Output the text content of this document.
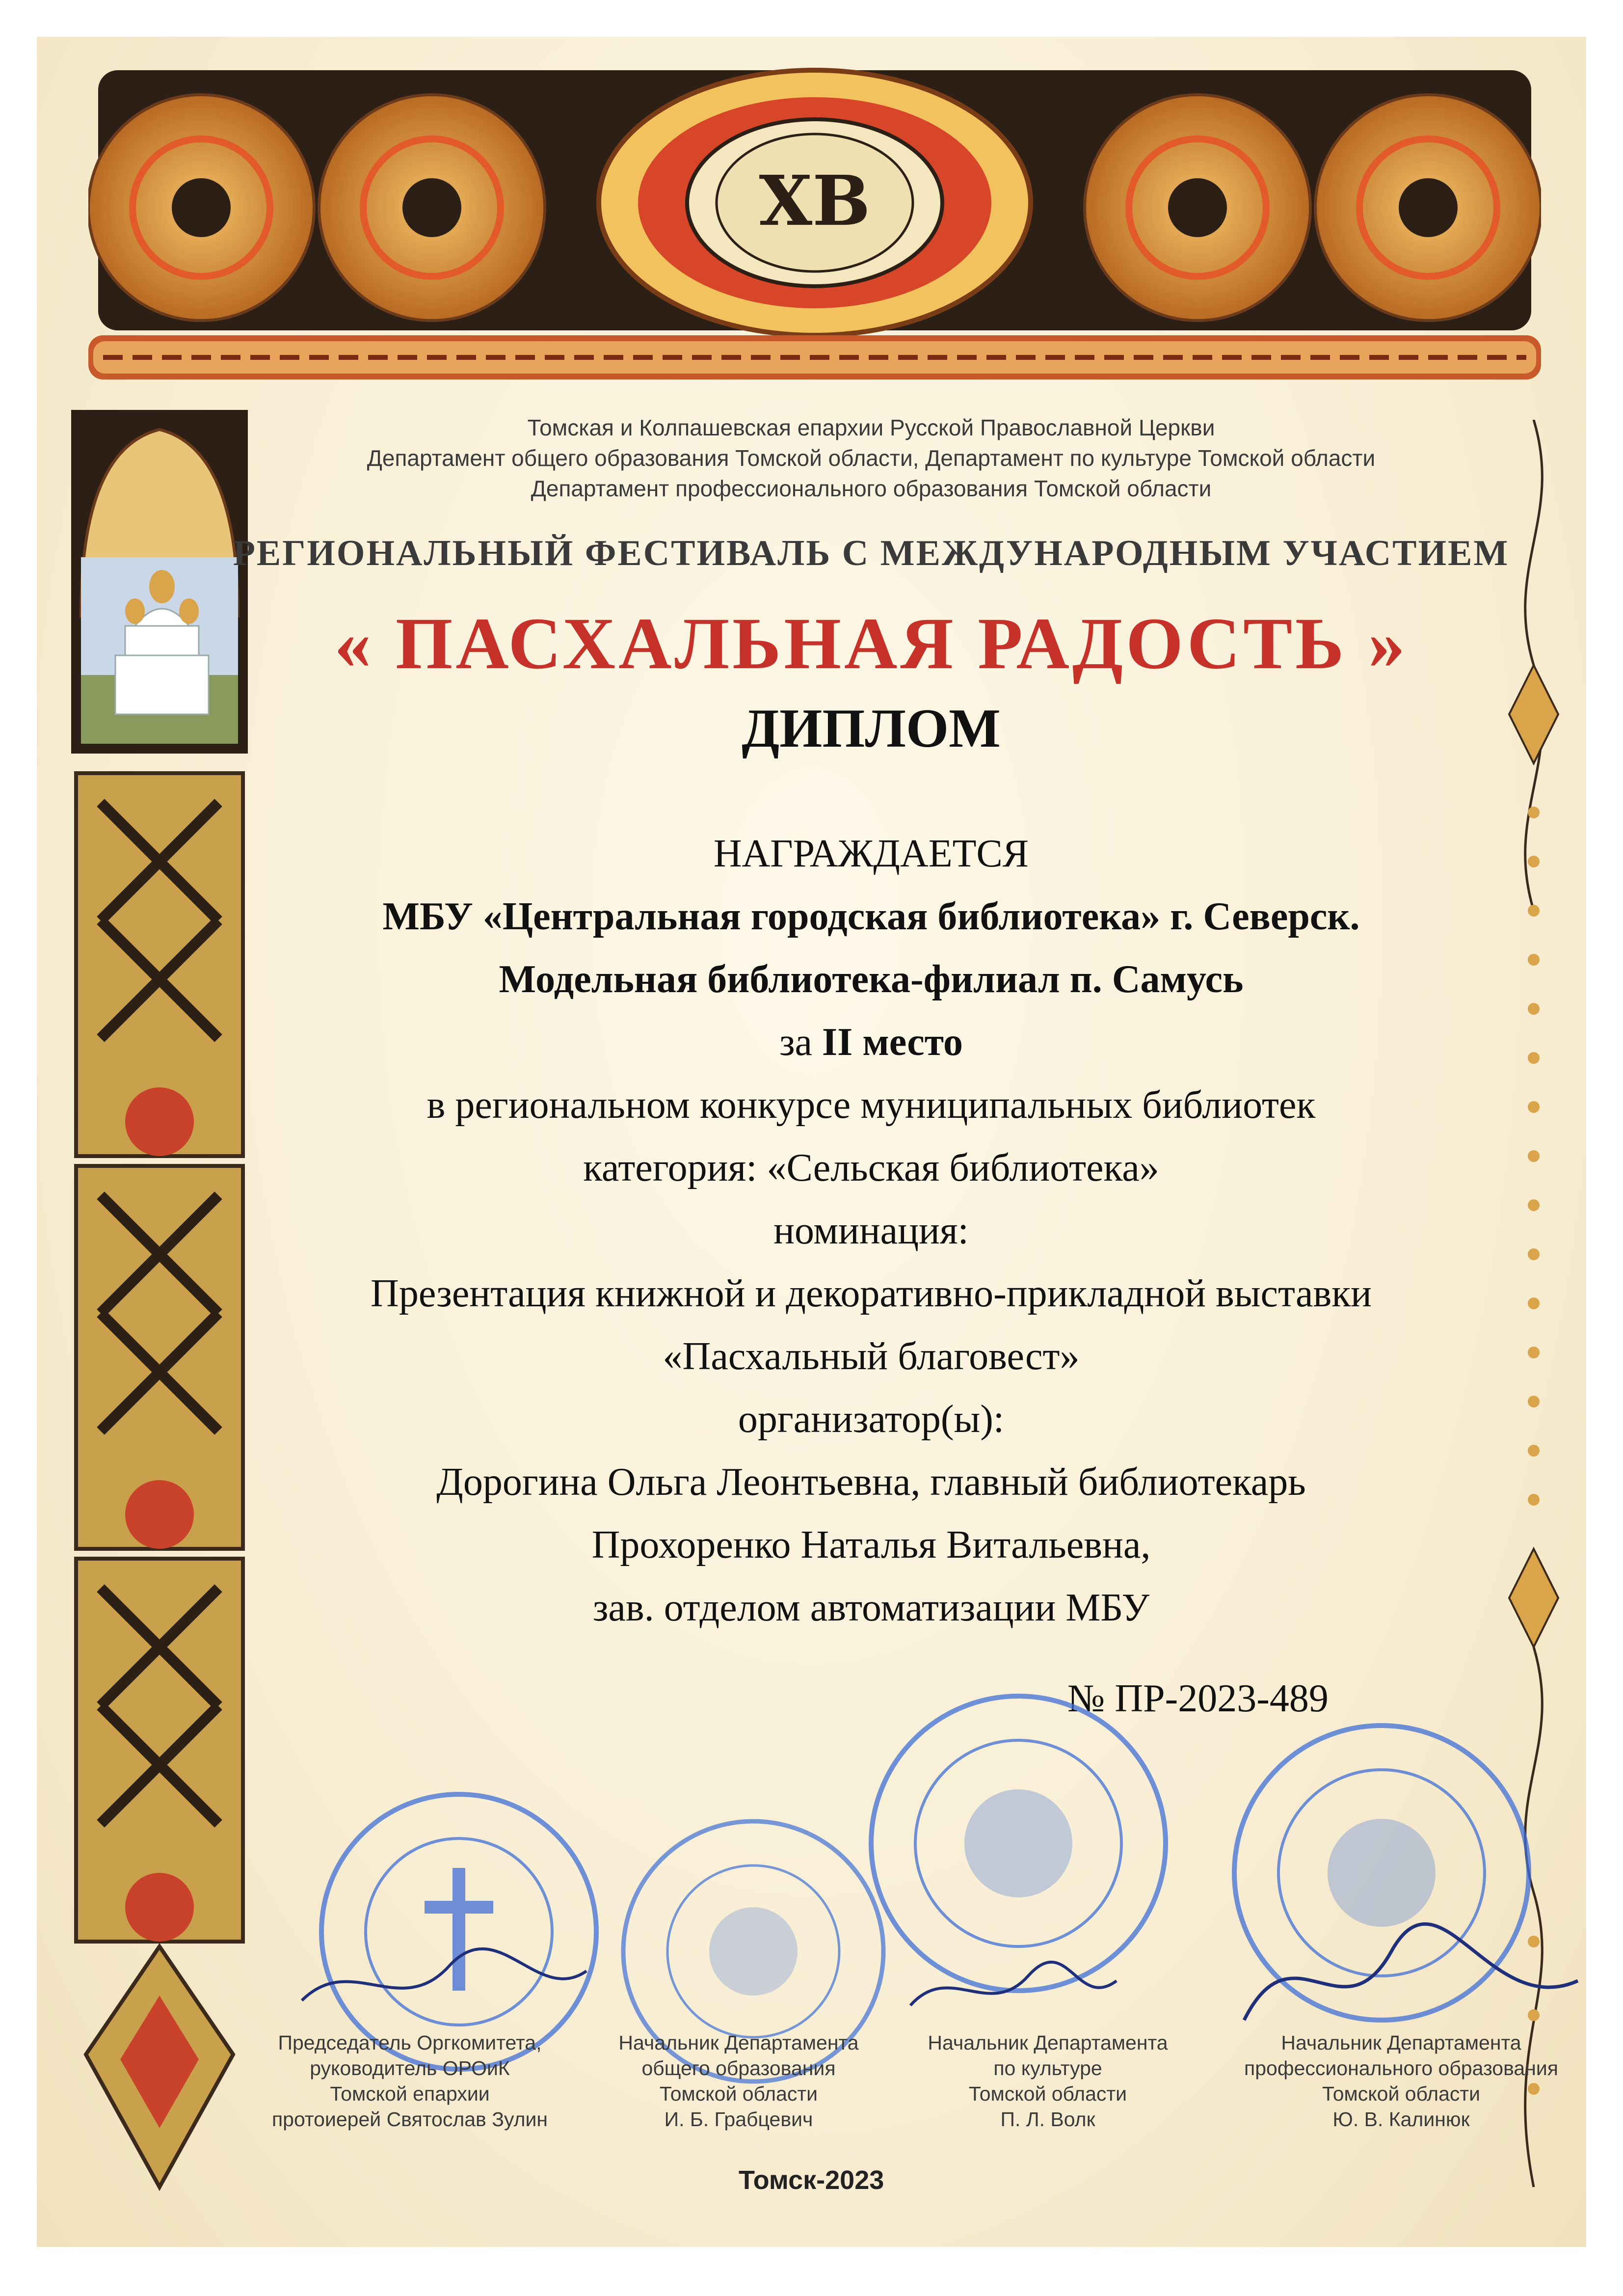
ХВ
Томская и Колпашевская епархии Русской Православной Церкви
Департамент общего образования Томской области, Департамент по культуре Томской области
Департамент профессионального образования Томской области
РЕГИОНАЛЬНЫЙ ФЕСТИВАЛЬ С МЕЖДУНАРОДНЫМ УЧАСТИЕМ
« ПАСХАЛЬНАЯ РАДОСТЬ »
ДИПЛОМ
НАГРАЖДАЕТСЯ
МБУ «Центральная городская библиотека» г. Северск.
Модельная библиотека-филиал п. Самусь
за II место
в региональном конкурсе муниципальных библиотек
категория: «Сельская библиотека»
номинация:
Презентация книжной и декоративно-прикладной выставки
«Пасхальный благовест»
организатор(ы):
Дорогина Ольга Леонтьевна, главный библиотекарь
Прохоренко Наталья Витальевна,
зав. отделом автоматизации МБУ
№ ПР-2023-489
Председатель Оргкомитета,
руководитель ОРОиК
Томской епархии
протоиерей Святослав Зулин
Начальник Департамента
общего образования
Томской области
И. Б. Грабцевич
Начальник Департамента
по культуре
Томской области
П. Л. Волк
Начальник Департамента
профессионального образования
Томской области
Ю. В. Калинюк
Томск-2023
